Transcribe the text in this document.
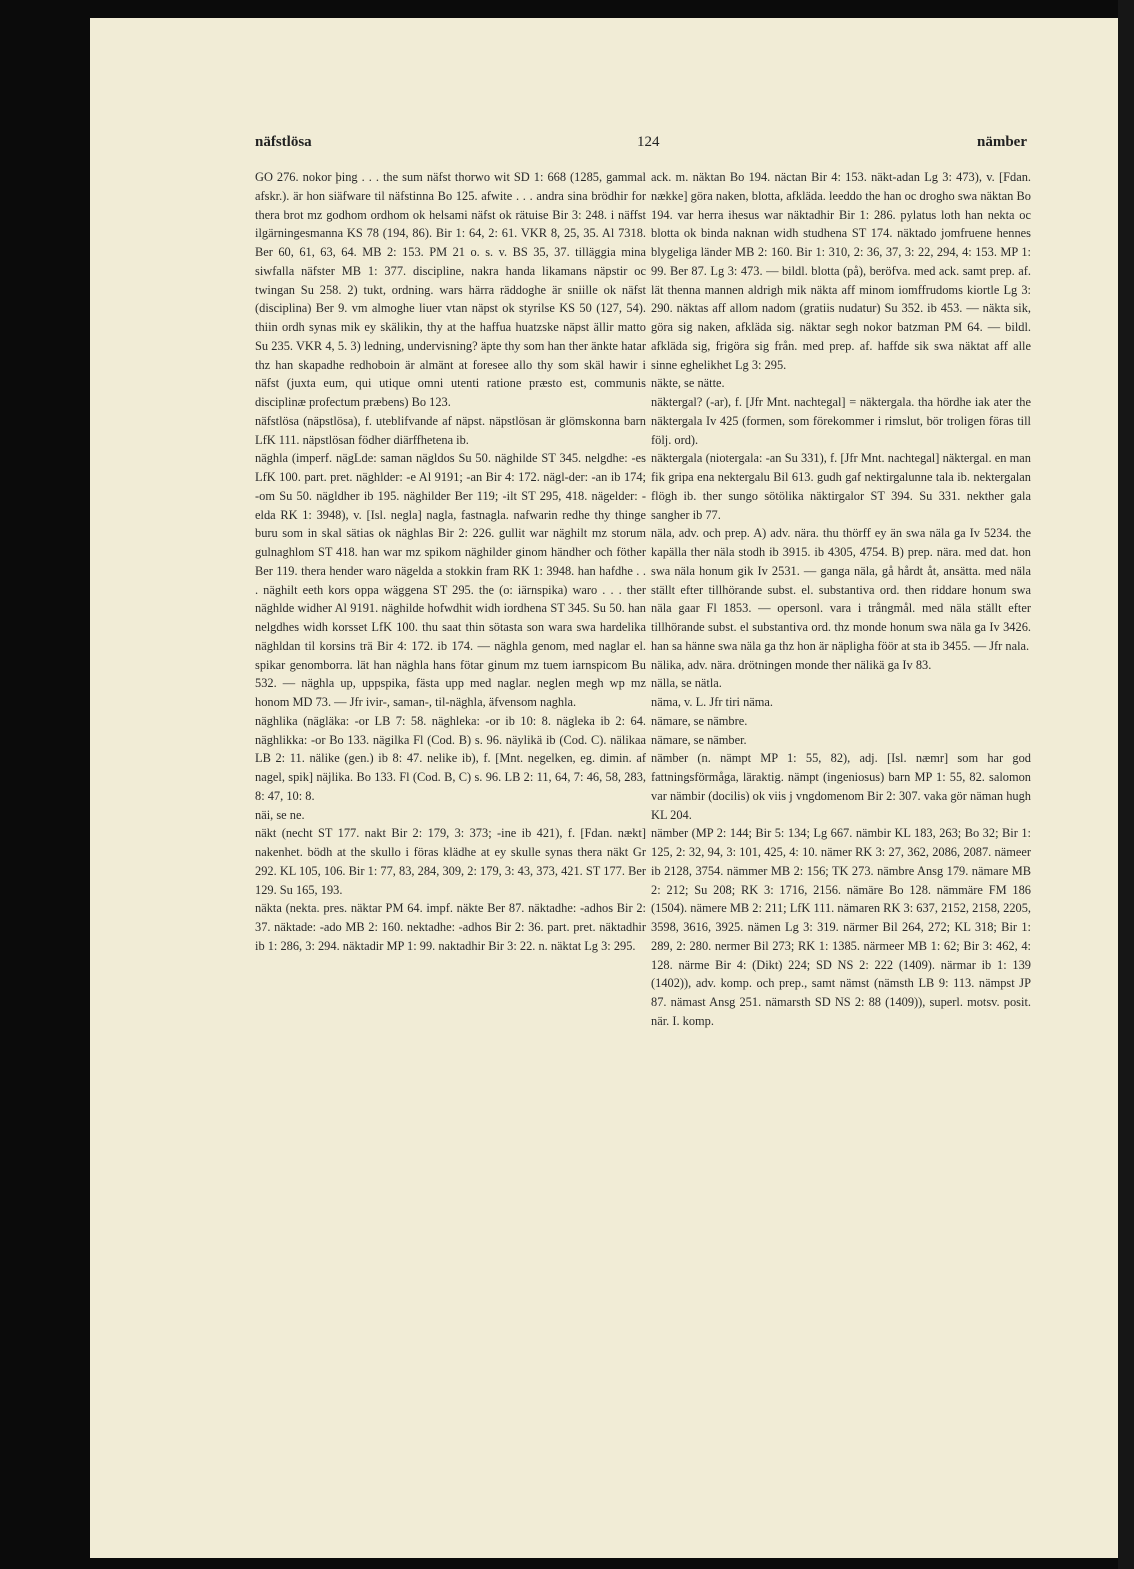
näfstlösa	124	nämber

GO 276. nokor þing . . . the sum näfst thorwo wit SD 1: 668 (1285, gammal afskr.). är hon siäfware til näfstinna Bo 125. afwite . . . andra sina brödhir for thera brot mz godhom ordhom ok helsami näfst ok rätuise Bir 3: 248. i näffst ilgärningesmanna KS 78 (194, 86). Bir 1: 64, 2: 61. VKR 8, 25, 35. Al 7318. Ber 60, 61, 63, 64. MB 2: 153. PM 21 o. s. v. BS 35, 37. tilläggia mina siwfalla näfster MB 1: 377. discipline, nakra handa likamans näpstir oc twingan Su 258. 2) tukt, ordning. wars härra räddoghe är sniille ok näfst (disciplina) Ber 9. vm almoghe liuer vtan näpst ok styrilse KS 50 (127, 54). thiin ordh synas mik ey skälikin, thy at the haffua huatzske näpst ällir matto Su 235. VKR 4, 5. 3) ledning, undervisning? äpte thy som han ther änkte hatar thz han skapadhe redhoboin är almänt at foresee allo thy som skäl hawir i näfst (juxta eum, qui utique omni utenti ratione præsto est, communis disciplinæ profectum præbens) Bo 123.

näfstlösa (näpstlösa), f. uteblifvande af näpst. näpstlösan är glömskonna barn LfK 111. näpstlösan födher diärffhetena ib.

näghla (imperf. nägLde: saman nägldos Su 50. näghilde ST 345. nelgdhe: -es LfK 100. part. pret. näghlder: -e Al 9191; -an Bir 4: 172. nägl-der: -an ib 174; -om Su 50. nägldher ib 195. näghilder Ber 119; -ilt ST 295, 418. nägelder: -elda RK 1: 3948), v. [Isl. negla] nagla, fastnagla. nafwarin redhe thy thinge buru som in skal sätias ok näghlas Bir 2: 226. gullit war näghilt mz storum gulnaghlom ST 418. han war mz spikom näghilder ginom händher och föther Ber 119. thera hender waro nägelda a stokkin fram RK 1: 3948. han hafdhe . . . näghilt eeth kors oppa wäggena ST 295. the (o: iärnspika) waro . . . ther näghlde widher Al 9191. näghilde hofwdhit widh iordhena ST 345. Su 50. han nelgdhes widh korsset LfK 100. thu saat thin sötasta son wara swa hardelika näghldan til korsins trä Bir 4: 172. ib 174. — näghla genom, med naglar el. spikar genomborra. lät han näghla hans fötar ginum mz tuem iarnspicom Bu 532. — näghla up, uppspika, fästa upp med naglar. neglen megh wp mz honom MD 73. — Jfr ivir-, saman-, til-näghla, äfvensom naghla.

näghlika (nägläka: -or LB 7: 58. näghleka: -or ib 10: 8. nägleka ib 2: 64. näghlikka: -or Bo 133. nägilka Fl (Cod. B) s. 96. näylikä ib (Cod. C). nälikaa LB 2: 11. nälike (gen.) ib 8: 47. nelike ib), f. [Mnt. negelken, eg. dimin. af nagel, spik] näjlika. Bo 133. Fl (Cod. B, C) s. 96. LB 2: 11, 64, 7: 46, 58, 283, 8: 47, 10: 8.

näi, se ne.

näkt (necht ST 177. nakt Bir 2: 179, 3: 373; -ine ib 421), f. [Fdan. nækt] nakenhet. bödh at the skullo i föras klädhe at ey skulle synas thera näkt Gr 292. KL 105, 106. Bir 1: 77, 83, 284, 309, 2: 179, 3: 43, 373, 421. ST 177. Ber 129. Su 165, 193.

näkta (nekta. pres. näktar PM 64. impf. näkte Ber 87. näktadhe: -adhos Bir 2: 37. näktade: -ado MB 2: 160. nektadhe: -adhos Bir 2: 36. part. pret. näktadhir ib 1: 286, 3: 294. näktadir MP 1: 99. naktadhir Bir 3: 22. n. näktat Lg 3: 295.

ack. m. näktan Bo 194. näctan Bir 4: 153. näkt-adan Lg 3: 473), v. [Fdan. nække] göra naken, blotta, afkläda. leeddo the han oc drogho swa näktan Bo 194. var herra ihesus war näktadhir Bir 1: 286. pylatus loth han nekta oc blotta ok binda naknan widh studhena ST 174. näktado jomfruene hennes blygeliga länder MB 2: 160. Bir 1: 310, 2: 36, 37, 3: 22, 294, 4: 153. MP 1: 99. Ber 87. Lg 3: 473. — bildl. blotta (på), beröfva. med ack. samt prep. af. lät thenna mannen aldrigh mik näkta aff minom iomffrudoms kiortle Lg 3: 290. näktas aff allom nadom (gratiis nudatur) Su 352. ib 453. — näkta sik, göra sig naken, afkläda sig. näktar segh nokor batzman PM 64. — bildl. afkläda sig, frigöra sig från. med prep. af. haffde sik swa näktat aff alle sinne eghelikhet Lg 3: 295.

näkte, se nätte.

näktergal? (-ar), f. [Jfr Mnt. nachtegal] = näktergala. tha hördhe iak ater the näktergala Iv 425 (formen, som förekommer i rimslut, bör troligen föras till följ. ord).

näktergala (niotergala: -an Su 331), f. [Jfr Mnt. nachtegal] näktergal. en man fik gripa ena nektergalu Bil 613. gudh gaf nektirgalunne tala ib. nektergalan flögh ib. ther sungo sötölika näktirgalor ST 394. Su 331. nekther gala sangher ib 77.

näla, adv. och prep. A) adv. nära. thu thörff ey än swa näla ga Iv 5234. the kapälla ther näla stodh ib 3915. ib 4305, 4754. B) prep. nära. med dat. hon swa näla honum gik Iv 2531. — ganga näla, gå hårdt åt, ansätta. med näla ställt efter tillhörande subst. el. substantiva ord. then riddare honum swa näla gaar Fl 1853. — opersonl. vara i trångmål. med näla ställt efter tillhörande subst. el substantiva ord. thz monde honum swa näla ga Iv 3426. han sa hänne swa näla ga thz hon är näpligha föör at sta ib 3455. — Jfr nala.

nälika, adv. nära. drötningen monde ther nälikä ga Iv 83.

nälla, se nätla.

näma, v. L. Jfr tiri näma.

nämare, se nämbre.

nämare, se nämber.

nämber (n. nämpt MP 1: 55, 82), adj. [Isl. næmr] som har god fattningsförmåga, läraktig. nämpt (ingeniosus) barn MP 1: 55, 82. salomon var nämbir (docilis) ok viis j vngdomenom Bir 2: 307. vaka gör näman hugh KL 204.

nämber (MP 2: 144; Bir 5: 134; Lg 667. nämbir KL 183, 263; Bo 32; Bir 1: 125, 2: 32, 94, 3: 101, 425, 4: 10. nämer RK 3: 27, 362, 2086, 2087. nämeer ib 2128, 3754. nämmer MB 2: 156; TK 273. nämbre Ansg 179. nämare MB 2: 212; Su 208; RK 3: 1716, 2156. nämäre Bo 128. nämmäre FM 186 (1504). nämere MB 2: 211; LfK 111. nämaren RK 3: 637, 2152, 2158, 2205, 3598, 3616, 3925. nämen Lg 3: 319. närmer Bil 264, 272; KL 318; Bir 1: 289, 2: 280. nermer Bil 273; RK 1: 1385. närmeer MB 1: 62; Bir 3: 462, 4: 128. närme Bir 4: (Dikt) 224; SD NS 2: 222 (1409). närmar ib 1: 139 (1402)), adv. komp. och prep., samt nämst (nämsth LB 9: 113. nämpst JP 87. nämast Ansg 251. nämarsth SD NS 2: 88 (1409)), superl. motsv. posit. när. I. komp.
